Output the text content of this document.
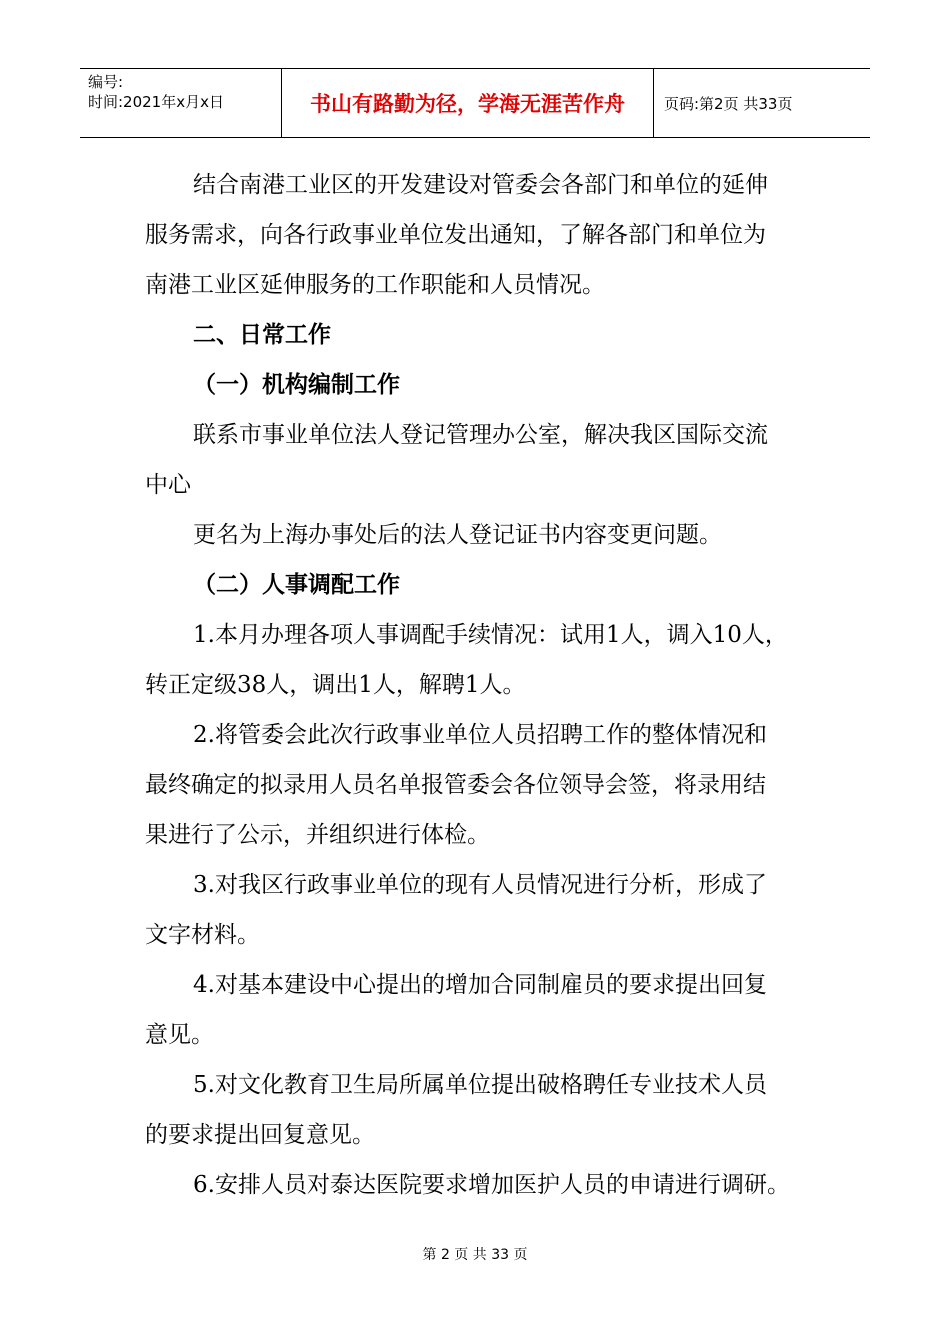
编号:
时间:2021年x月x日	书山有路勤为径，学海无涯苦作舟	页码:第2页 共33页

结合南港工业区的开发建设对管委会各部门和单位的延伸

服务需求，向各行政事业单位发出通知，了解各部门和单位为

南港工业区延伸服务的工作职能和人员情况。

二、日常工作

（一）机构编制工作

联系市事业单位法人登记管理办公室，解决我区国际交流

中心

更名为上海办事处后的法人登记证书内容变更问题。

（二）人事调配工作

1.本月办理各项人事调配手续情况：试用1人，调入10人，

转正定级38人，调出1人，解聘1人。

2.将管委会此次行政事业单位人员招聘工作的整体情况和

最终确定的拟录用人员名单报管委会各位领导会签，将录用结

果进行了公示，并组织进行体检。

3.对我区行政事业单位的现有人员情况进行分析，形成了

文字材料。

4.对基本建设中心提出的增加合同制雇员的要求提出回复

意见。

5.对文化教育卫生局所属单位提出破格聘任专业技术人员

的要求提出回复意见。

6.安排人员对泰达医院要求增加医护人员的申请进行调研。

第 2 页 共 33 页
